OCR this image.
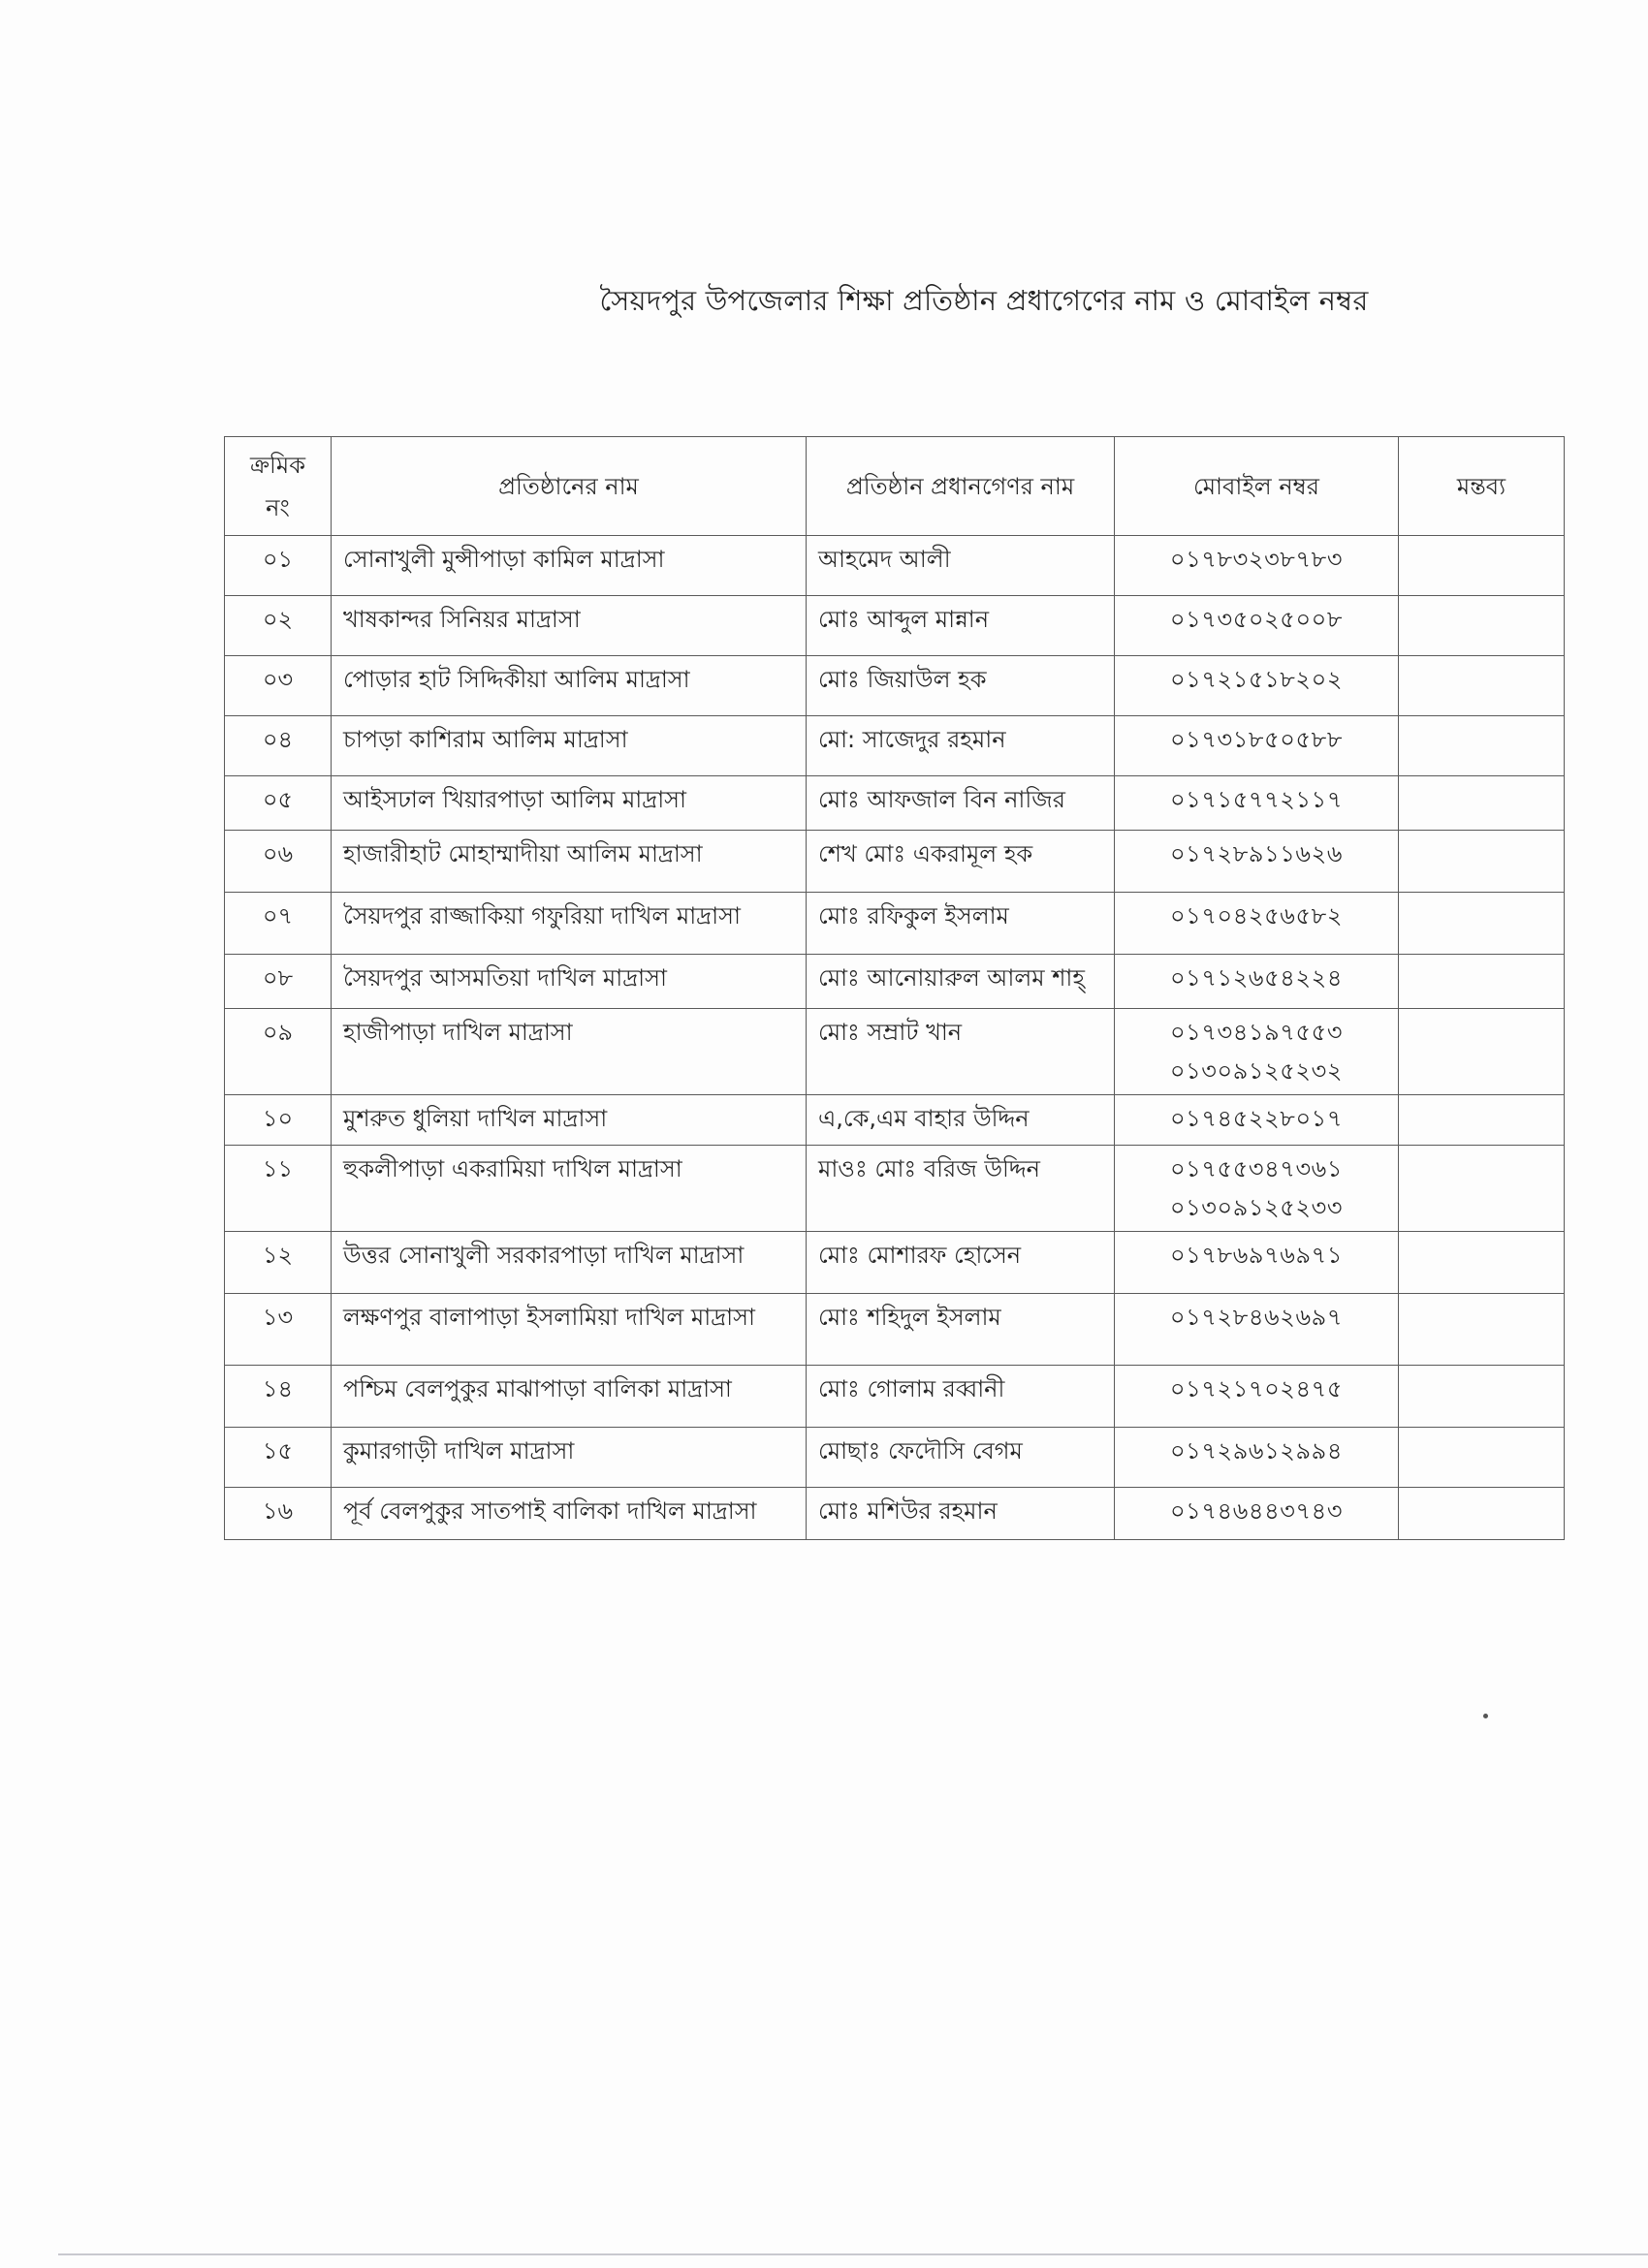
সৈয়দপুর উপজেলার শিক্ষা প্রতিষ্ঠান প্রধাগেণের নাম ও মোবাইল নম্বর
ক্রমিক নং	প্রতিষ্ঠানের নাম	প্রতিষ্ঠান প্রধানগেণর নাম	মোবাইল নম্বর	মন্তব্য
০১	সোনাখুলী মুন্সীপাড়া কামিল মাদ্রাসা	আহমেদ আলী	০১৭৮৩২৩৮৭৮৩	

০২	খাষকান্দর সিনিয়র মাদ্রাসা	মোঃ আব্দুল মান্নান	০১৭৩৫০২৫০০৮	

০৩	পোড়ার হাট সিদ্দিকীয়া আলিম মাদ্রাসা	মোঃ জিয়াউল হক	০১৭২১৫১৮২০২	

০৪	চাপড়া কাশিরাম আলিম মাদ্রাসা	মো: সাজেদুর রহমান	০১৭৩১৮৫০৫৮৮	

০৫	আইসঢাল খিয়ারপাড়া আলিম মাদ্রাসা	মোঃ আফজাল বিন নাজির	০১৭১৫৭৭২১১৭	

০৬	হাজারীহাট মোহাম্মাদীয়া আলিম মাদ্রাসা	শেখ মোঃ একরামূল হক	০১৭২৮৯১১৬২৬	

০৭	সৈয়দপুর রাজ্জাকিয়া গফুরিয়া দাখিল মাদ্রাসা	মোঃ রফিকুল ইসলাম	০১৭০৪২৫৬৫৮২	

০৮	সৈয়দপুর আসমতিয়া দাখিল মাদ্রাসা	মোঃ আনোয়ারুল আলম শাহ্	০১৭১২৬৫৪২২৪	

০৯	হাজীপাড়া দাখিল মাদ্রাসা	মোঃ সম্রাট খান	০১৭৩৪১৯৭৫৫৩
০১৩০৯১২৫২৩২	

১০	মুশরুত ধুলিয়া দাখিল মাদ্রাসা	এ,কে,এম বাহার উদ্দিন	০১৭৪৫২২৮০১৭	

১১	হুকলীপাড়া একরামিয়া দাখিল মাদ্রাসা	মাওঃ মোঃ বরিজ উদ্দিন	০১৭৫৫৩৪৭৩৬১
০১৩০৯১২৫২৩৩	

১২	উত্তর সোনাখুলী সরকারপাড়া দাখিল মাদ্রাসা	মোঃ মোশারফ হোসেন	০১৭৮৬৯৭৬৯৭১	

১৩	লক্ষণপুর বালাপাড়া ইসলামিয়া দাখিল মাদ্রাসা	মোঃ শহিদুল ইসলাম	০১৭২৮৪৬২৬৯৭	

১৪	পশ্চিম বেলপুকুর মাঝাপাড়া বালিকা মাদ্রাসা	মোঃ গোলাম রব্বানী	০১৭২১৭০২৪৭৫	

১৫	কুমারগাড়ী দাখিল মাদ্রাসা	মোছাঃ ফেদৌসি বেগম	০১৭২৯৬১২৯৯৪	

১৬	পূর্ব বেলপুকুর সাতপাই বালিকা দাখিল মাদ্রাসা	মোঃ মশিউর রহমান	০১৭৪৬৪৪৩৭৪৩	
